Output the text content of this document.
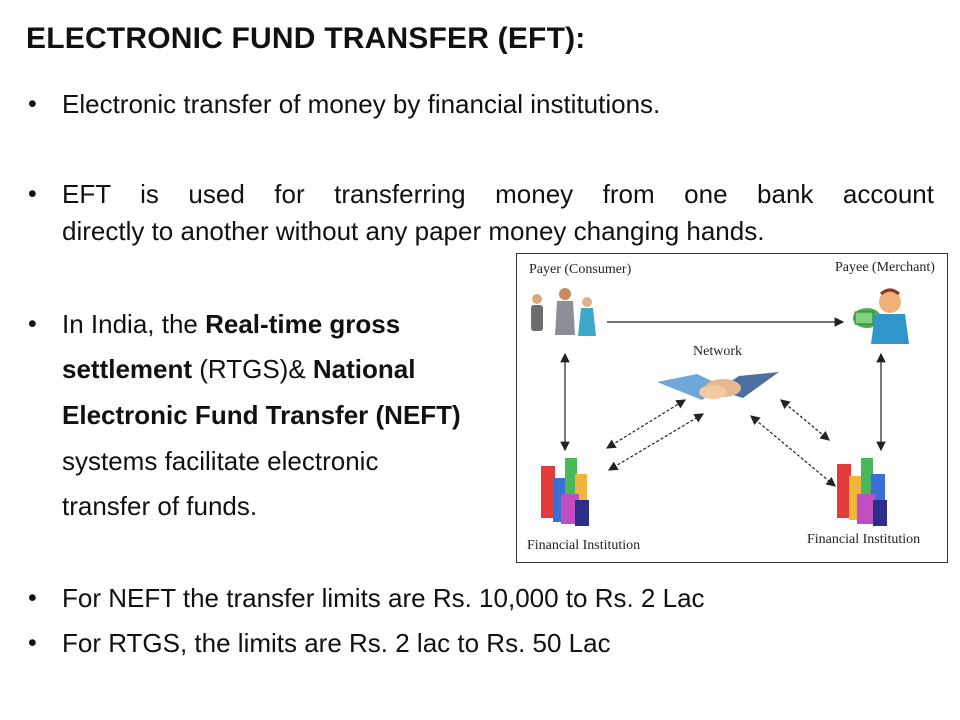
ELECTRONIC FUND TRANSFER (EFT):
• Electronic transfer of money by financial institutions.
• EFT is used for transferring money from one bank account
directly to another without any paper money changing hands.
• In India, the Real-time gross
settlement (RTGS)& National
Electronic Fund Transfer (NEFT)
systems facilitate electronic
transfer of funds.
Payer (Consumer)	Payee (Merchant)
Network
Financial Institution	Financial Institution
• For NEFT the transfer limits are Rs. 10,000 to Rs. 2 Lac
• For RTGS, the limits are Rs. 2 lac to Rs. 50 Lac
